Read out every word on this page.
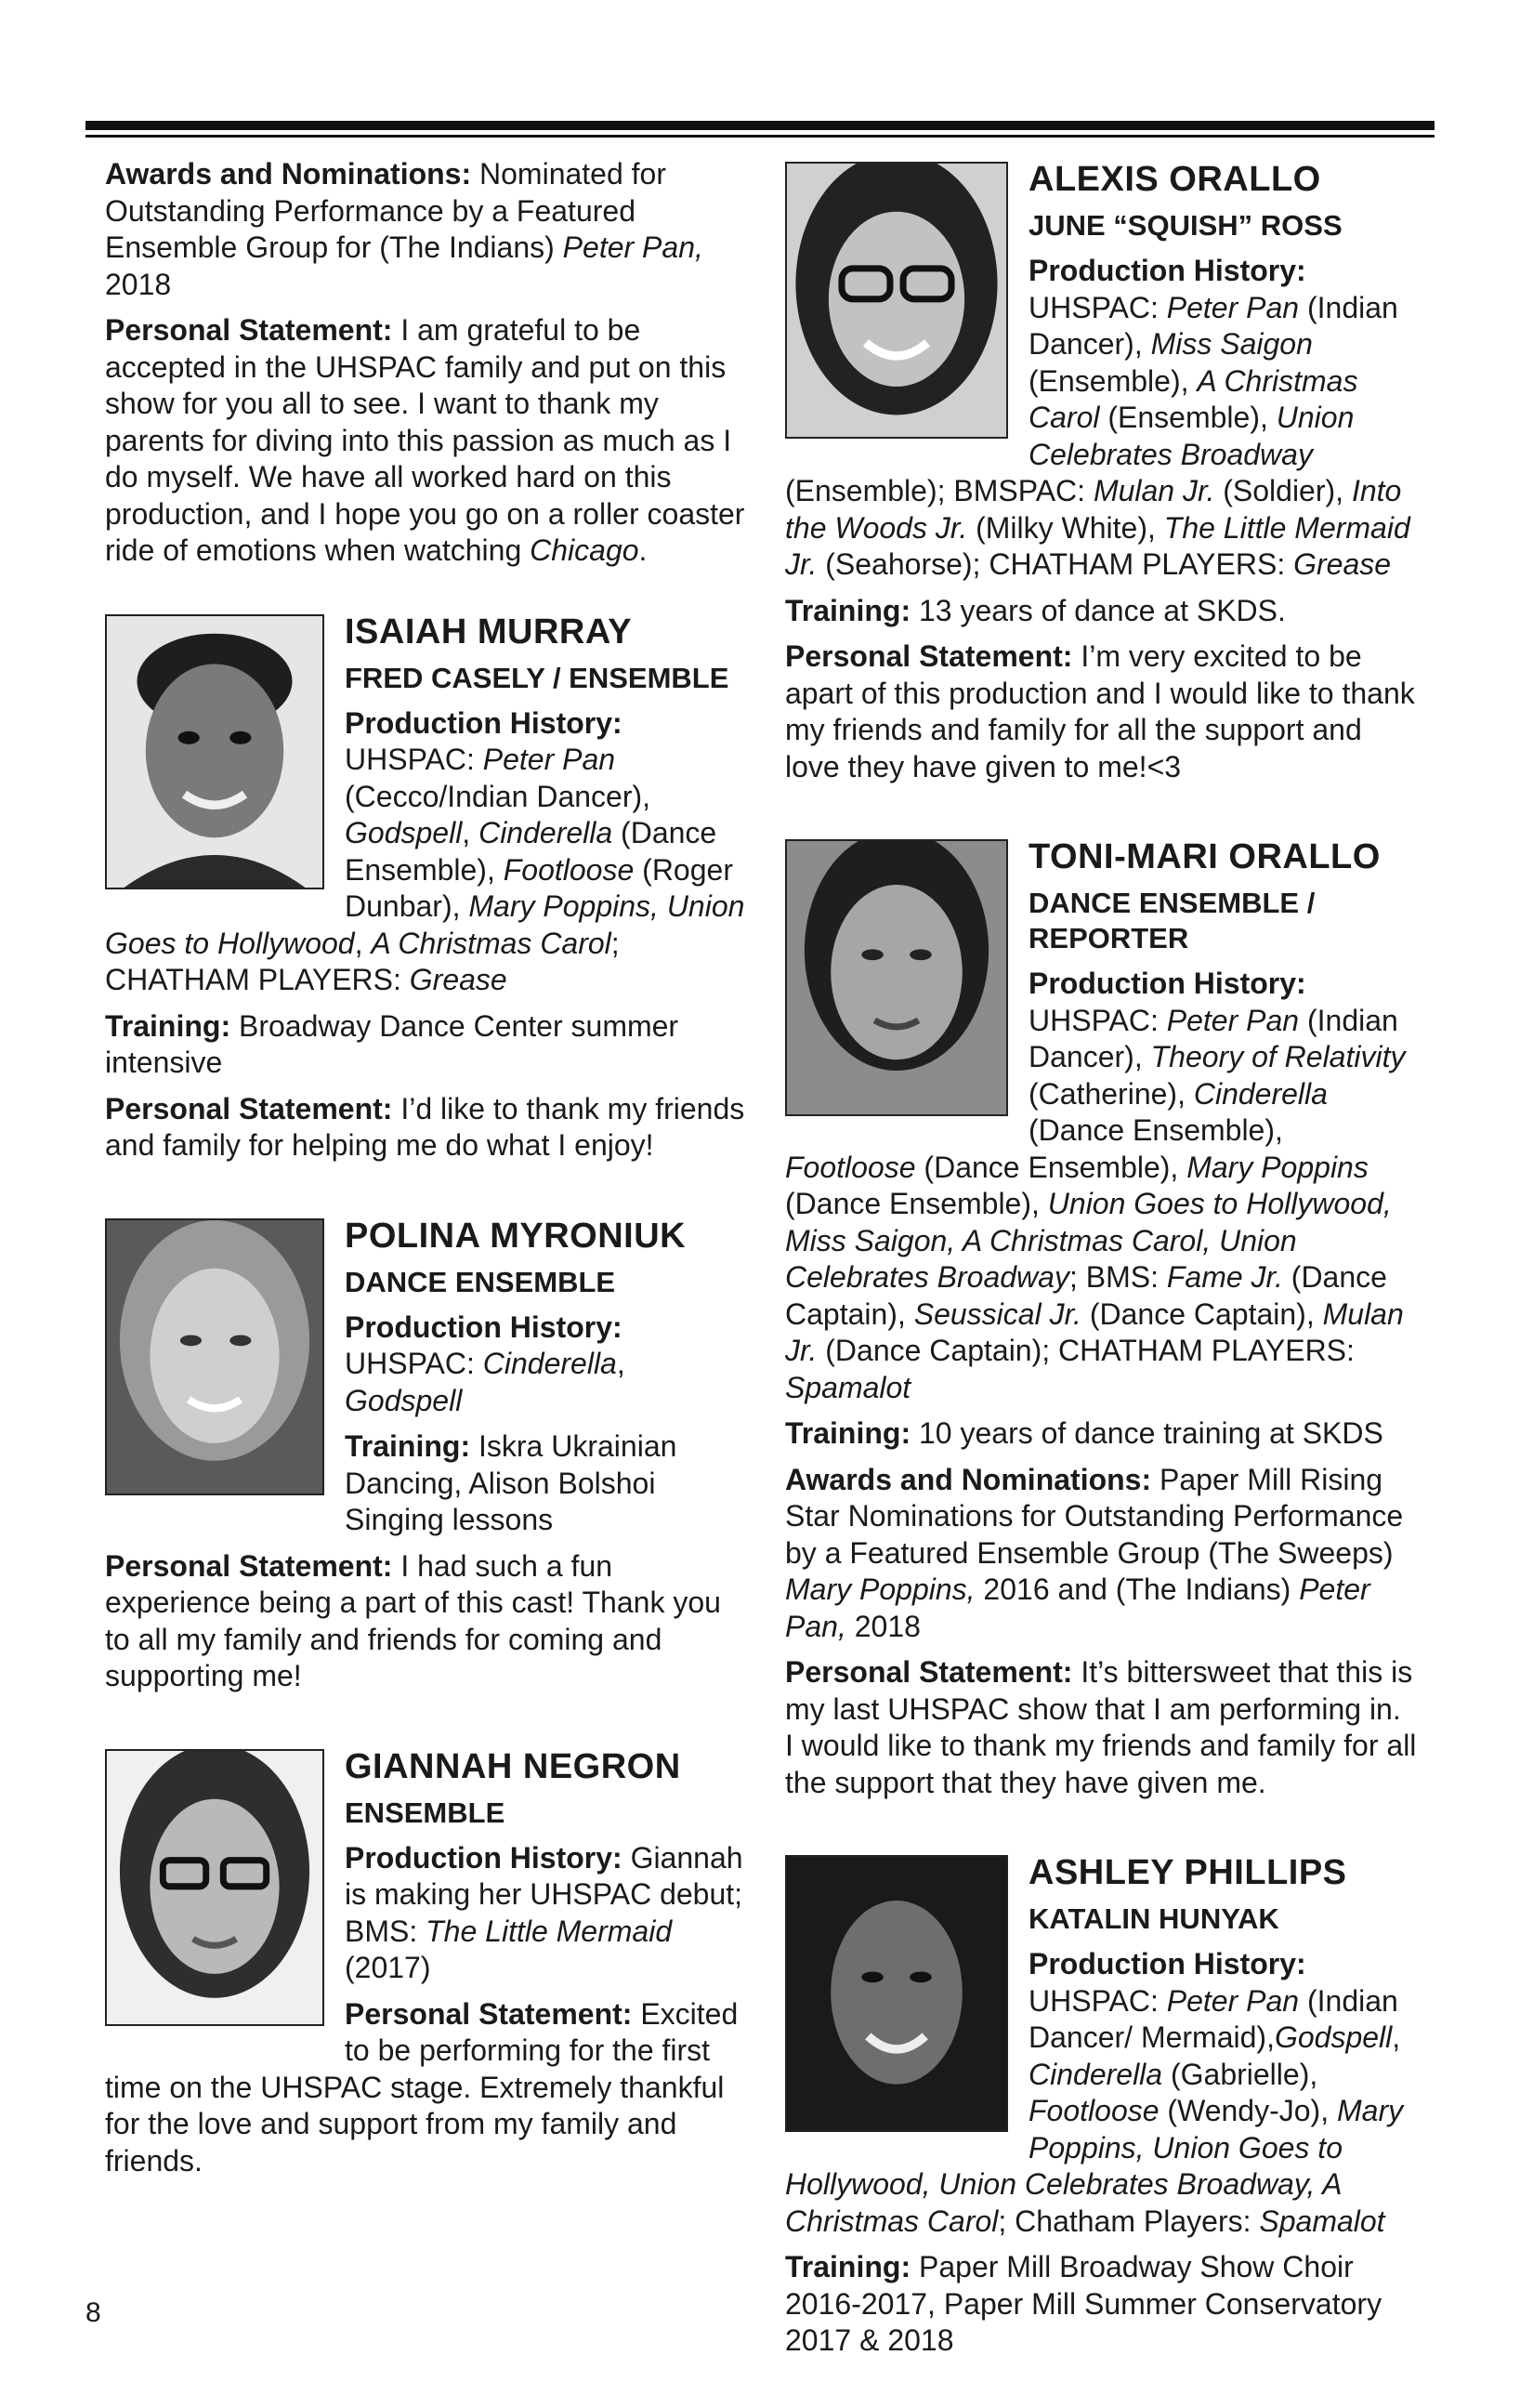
Awards and Nominations: Nominated for Outstanding Performance by a Featured Ensemble Group for (The Indians) Peter Pan, 2018

Personal Statement: I am grateful to be accepted in the UHSPAC family and put on this show for you all to see. I want to thank my parents for diving into this passion as much as I do myself. We have all worked hard on this production, and I hope you go on a roller coaster ride of emotions when watching Chicago.

ISAIAH MURRAY

FRED CASELY / ENSEMBLE

Production History: UHSPAC: Peter Pan (Cecco/Indian Dancer), Godspell, Cinderella (Dance Ensemble), Footloose (Roger Dunbar), Mary Poppins, Union Goes to Hollywood, A Christmas Carol; CHATHAM PLAYERS: Grease

Training: Broadway Dance Center summer intensive

Personal Statement: I’d like to thank my friends and family for helping me do what I enjoy!

POLINA MYRONIUK

DANCE ENSEMBLE

Production History: UHSPAC: Cinderella, Godspell

Training: Iskra Ukrainian Dancing, Alison Bolshoi Singing lessons

Personal Statement: I had such a fun experience being a part of this cast! Thank you to all my family and friends for coming and supporting me!

GIANNAH NEGRON

ENSEMBLE

Production History: Giannah is making her UHSPAC debut; BMS: The Little Mermaid (2017)

Personal Statement: Excited to be performing for the first time on the UHSPAC stage. Extremely thankful for the love and support from my family and friends.

ALEXIS ORALLO

JUNE “SQUISH” ROSS

Production History: UHSPAC: Peter Pan (Indian Dancer), Miss Saigon (Ensemble), A Christmas Carol (Ensemble), Union Celebrates Broadway (Ensemble); BMSPAC: Mulan Jr. (Soldier), Into the Woods Jr. (Milky White), The Little Mermaid Jr. (Seahorse); CHATHAM PLAYERS: Grease

Training: 13 years of dance at SKDS.

Personal Statement: I’m very excited to be apart of this production and I would like to thank my friends and family for all the support and love they have given to me!<3

TONI-MARI ORALLO

DANCE ENSEMBLE / REPORTER

Production History: UHSPAC: Peter Pan (Indian Dancer), Theory of Relativity (Catherine), Cinderella (Dance Ensemble), Footloose (Dance Ensemble), Mary Poppins (Dance Ensemble), Union Goes to Hollywood, Miss Saigon, A Christmas Carol, Union Celebrates Broadway; BMS: Fame Jr. (Dance Captain), Seussical Jr. (Dance Captain), Mulan Jr. (Dance Captain); CHATHAM PLAYERS: Spamalot

Training: 10 years of dance training at SKDS

Awards and Nominations: Paper Mill Rising Star Nominations for Outstanding Performance by a Featured Ensemble Group (The Sweeps) Mary Poppins, 2016 and (The Indians) Peter Pan, 2018

Personal Statement: It’s bittersweet that this is my last UHSPAC show that I am performing in. I would like to thank my friends and family for all the support that they have given me.

ASHLEY PHILLIPS

KATALIN HUNYAK

Production History: UHSPAC: Peter Pan (Indian Dancer/ Mermaid),Godspell, Cinderella (Gabrielle), Footloose (Wendy-Jo), Mary Poppins, Union Goes to Hollywood, Union Celebrates Broadway, A Christmas Carol; Chatham Players: Spamalot

Training: Paper Mill Broadway Show Choir 2016-2017, Paper Mill Summer Conservatory 2017 & 2018

8
